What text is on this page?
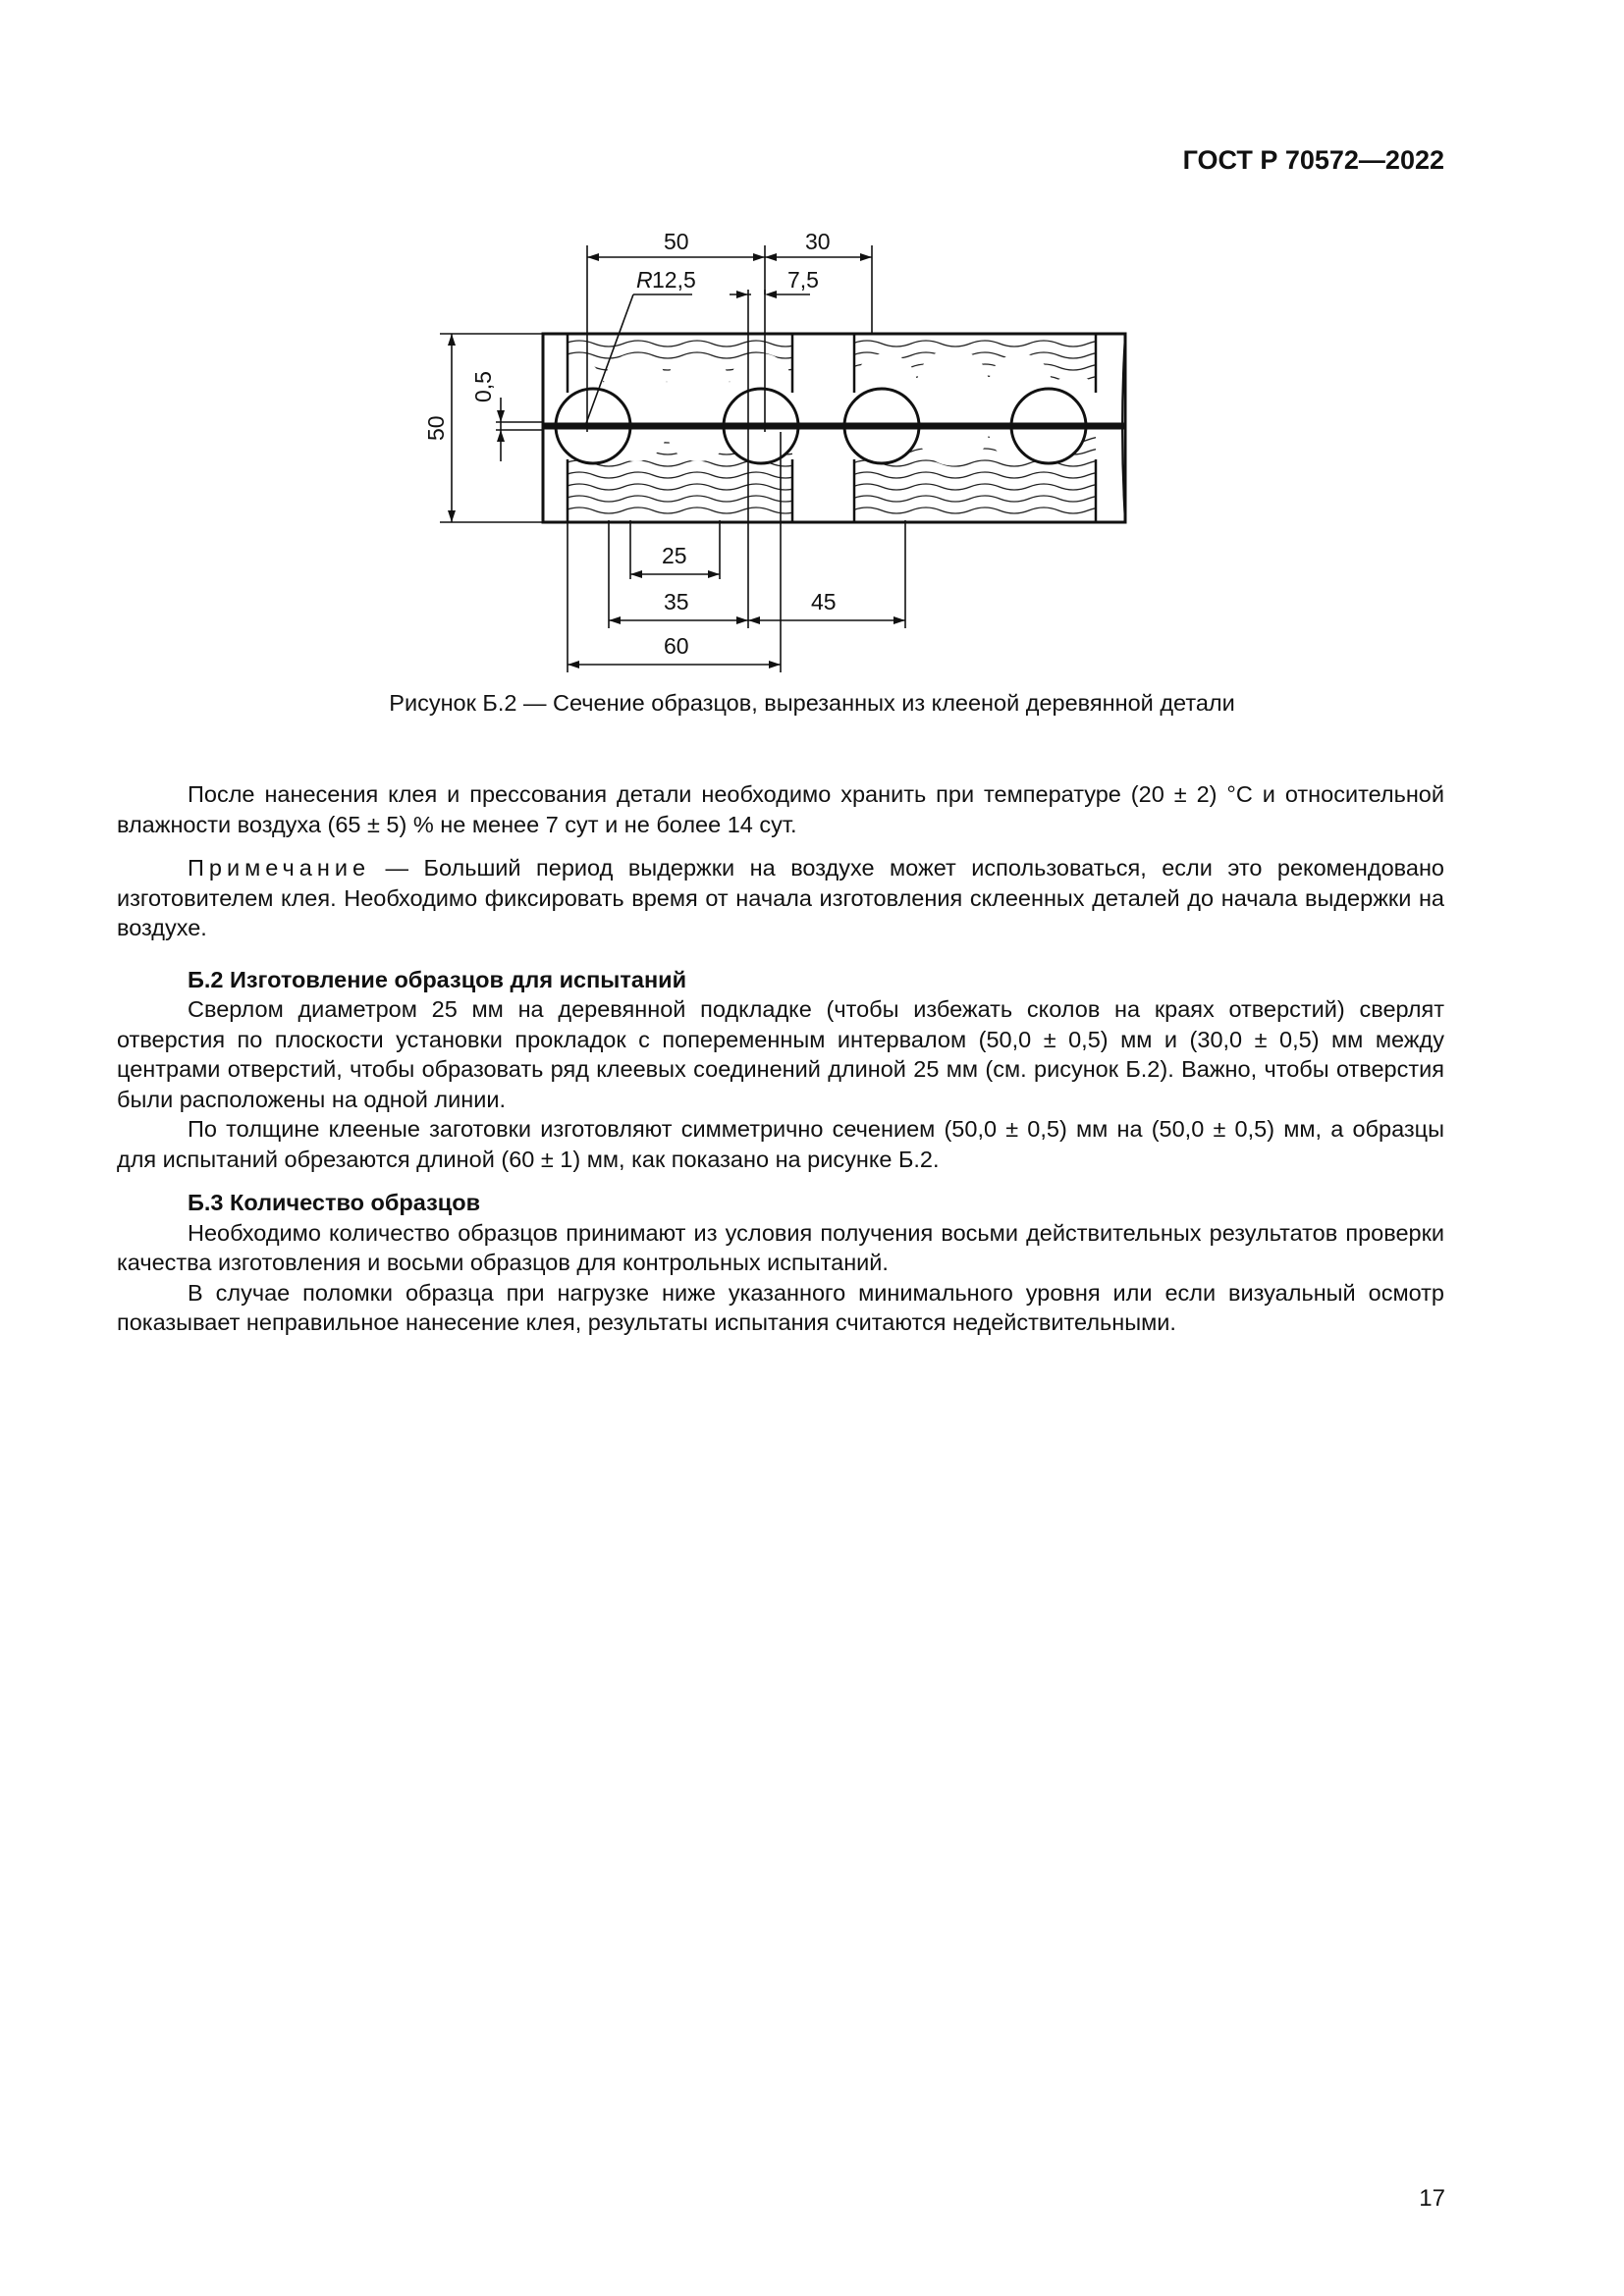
ГОСТ Р 70572—2022
50	30
R 12,5	7,5
50
0,5
25
35	45
60
Рисунок Б.2 — Сечение образцов, вырезанных из клееной деревянной детали

После нанесения клея и прессования детали необходимо хранить при температуре (20 ± 2) °С и относительной влажности воздуха (65 ± 5) % не менее 7 сут и не более 14 сут.

Примечание — Больший период выдержки на воздухе может использоваться, если это рекомендовано изготовителем клея. Необходимо фиксировать время от начала изготовления склеенных деталей до начала выдержки на воздухе.

Б.2 Изготовление образцов для испытаний

Сверлом диаметром 25 мм на деревянной подкладке (чтобы избежать сколов на краях отверстий) сверлят отверстия по плоскости установки прокладок с попеременным интервалом (50,0 ± 0,5) мм и (30,0 ± 0,5) мм между центрами отверстий, чтобы образовать ряд клеевых соединений длиной 25 мм (см. рисунок Б.2). Важно, чтобы отверстия были расположены на одной линии.

По толщине клееные заготовки изготовляют симметрично сечением (50,0 ± 0,5) мм на (50,0 ± 0,5) мм, а образцы для испытаний обрезаются длиной (60 ± 1) мм, как показано на рисунке Б.2.

Б.3 Количество образцов

Необходимо количество образцов принимают из условия получения восьми действительных результатов проверки качества изготовления и восьми образцов для контрольных испытаний.

В случае поломки образца при нагрузке ниже указанного минимального уровня или если визуальный осмотр показывает неправильное нанесение клея, результаты испытания считаются недействительными.

17
